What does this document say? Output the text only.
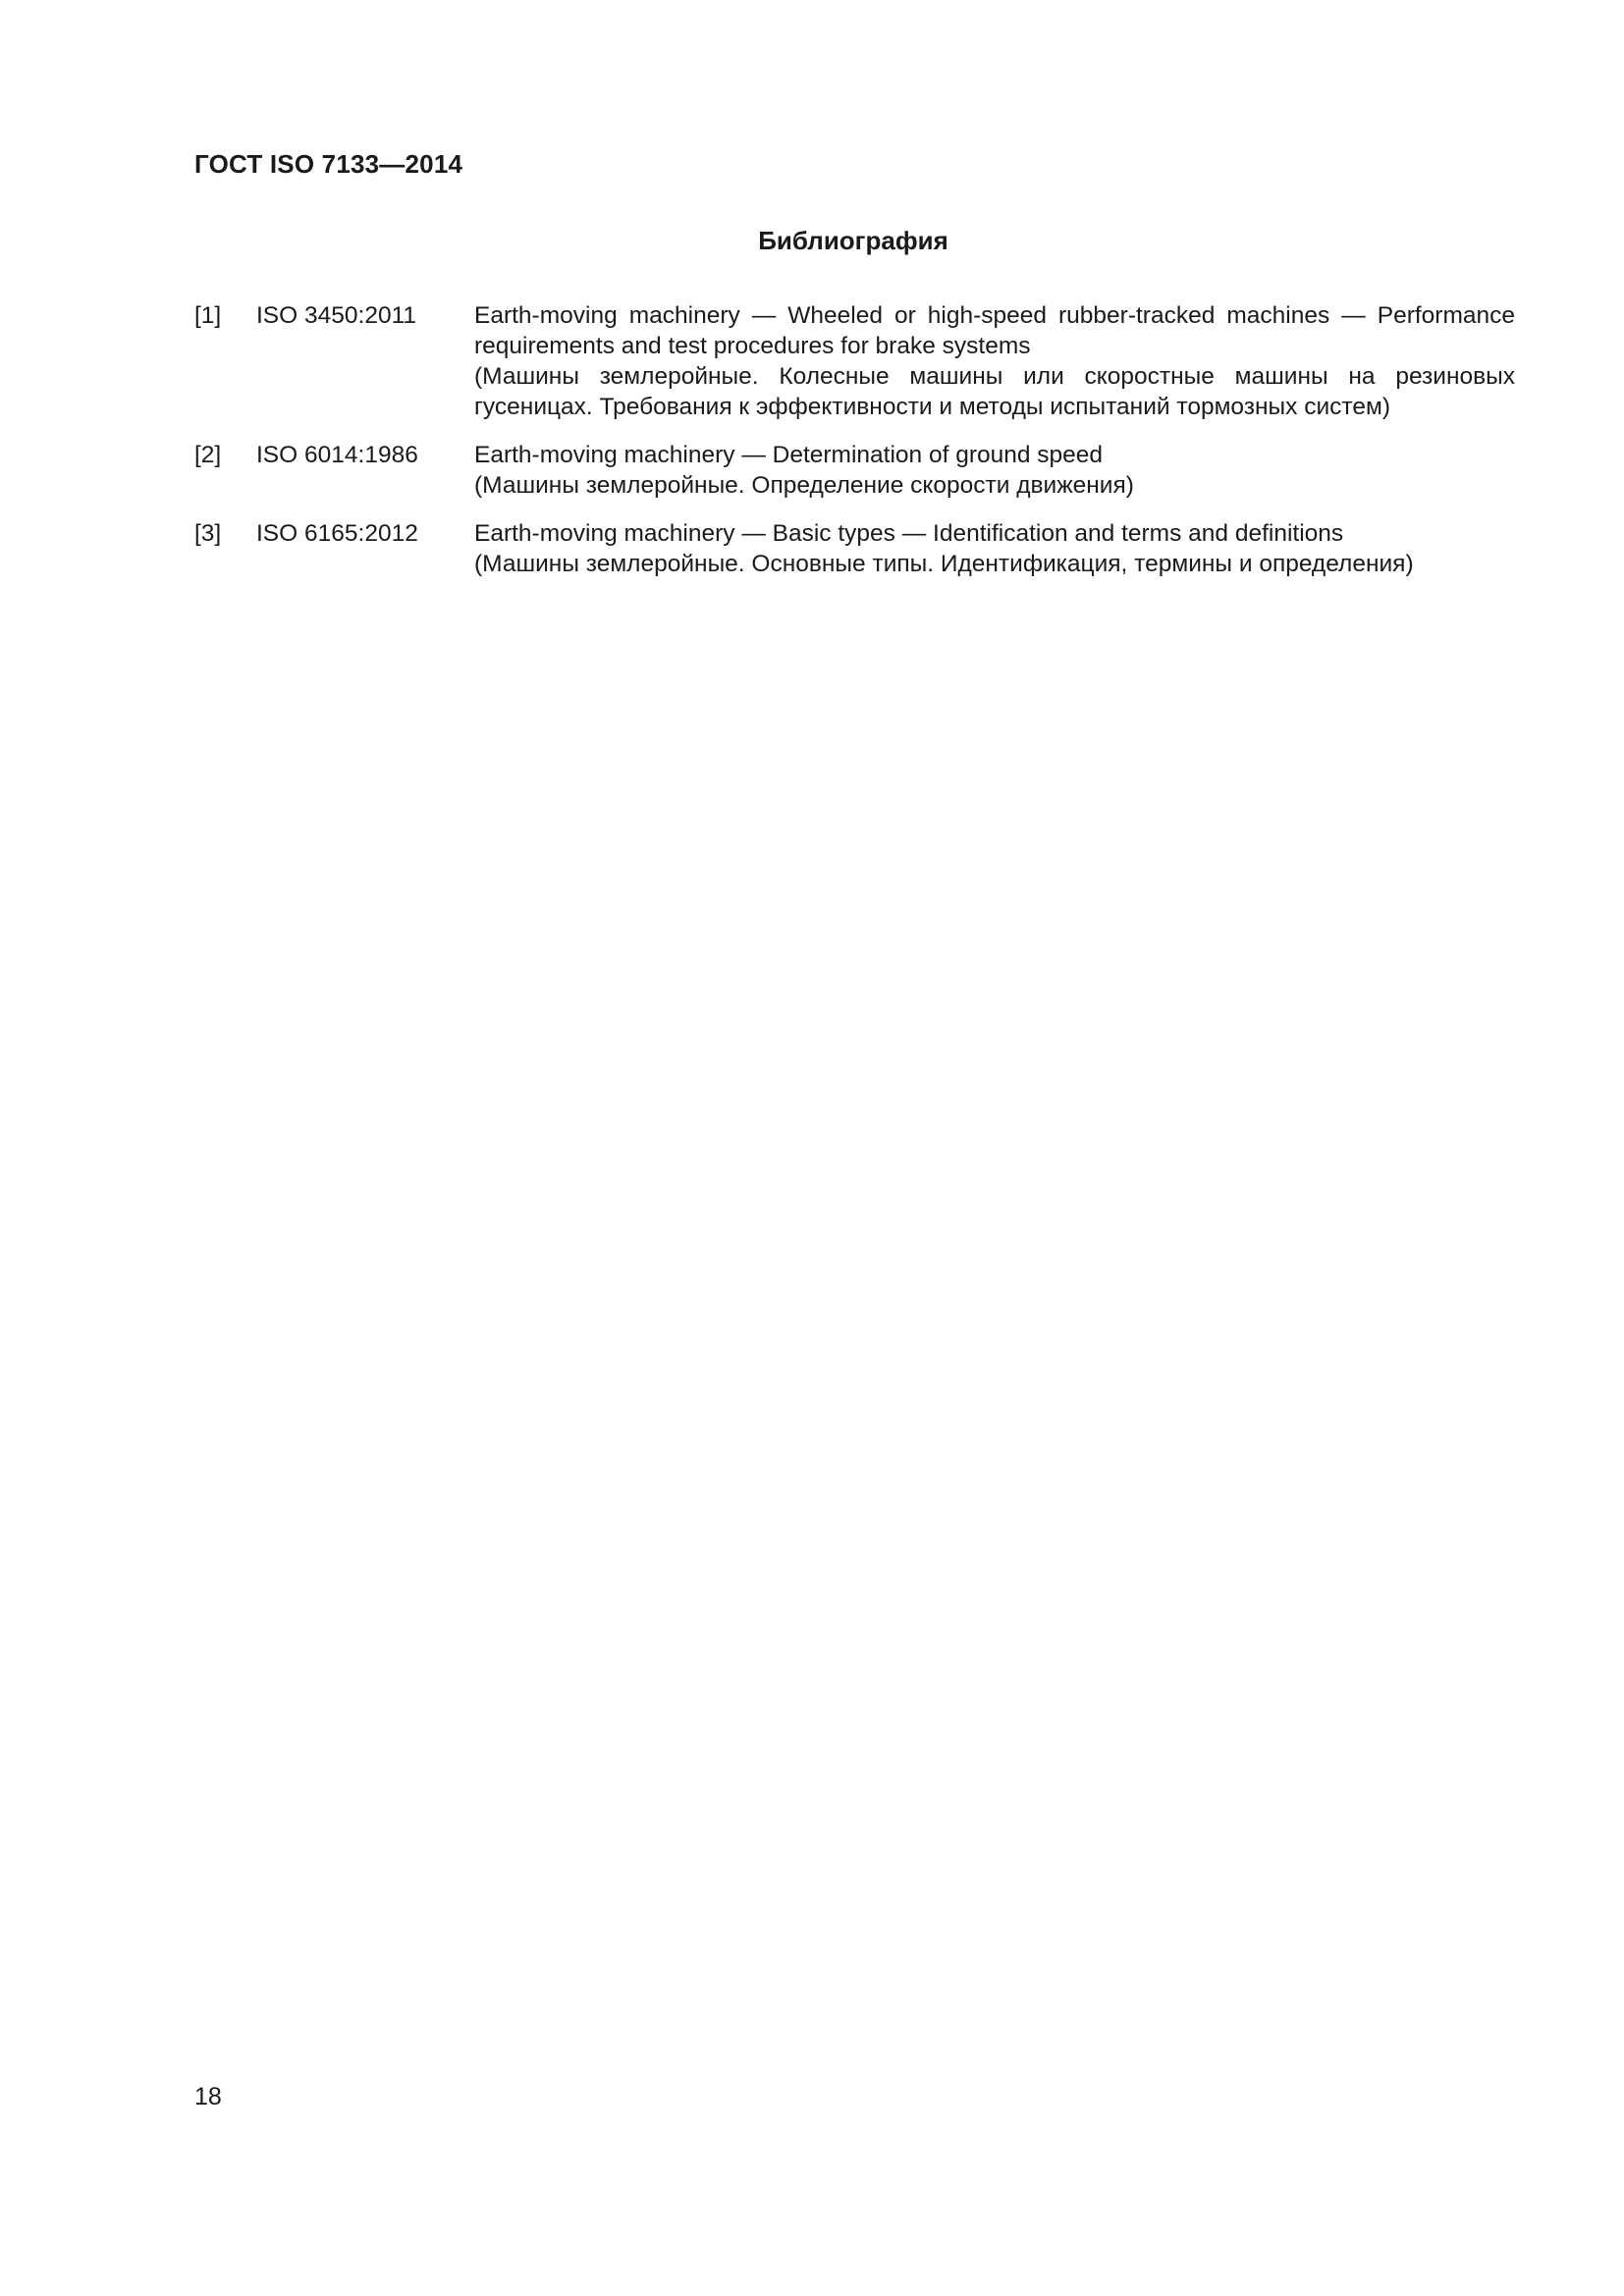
ГОСТ ISO 7133—2014
Библиография
[1]	ISO 3450:2011	Earth-moving machinery — Wheeled or high-speed rubber-tracked machines — Performance requirements and test procedures for brake systems
(Машины землеройные. Колесные машины или скоростные машины на резиновых гусеницах. Требования к эффективности и методы испытаний тормозных систем)
[2]	ISO 6014:1986	Earth-moving machinery — Determination of ground speed
(Машины землеройные. Определение скорости движения)
[3]	ISO 6165:2012	Earth-moving machinery — Basic types — Identification and terms and definitions
(Машины землеройные. Основные типы. Идентификация, термины и определения)

18
